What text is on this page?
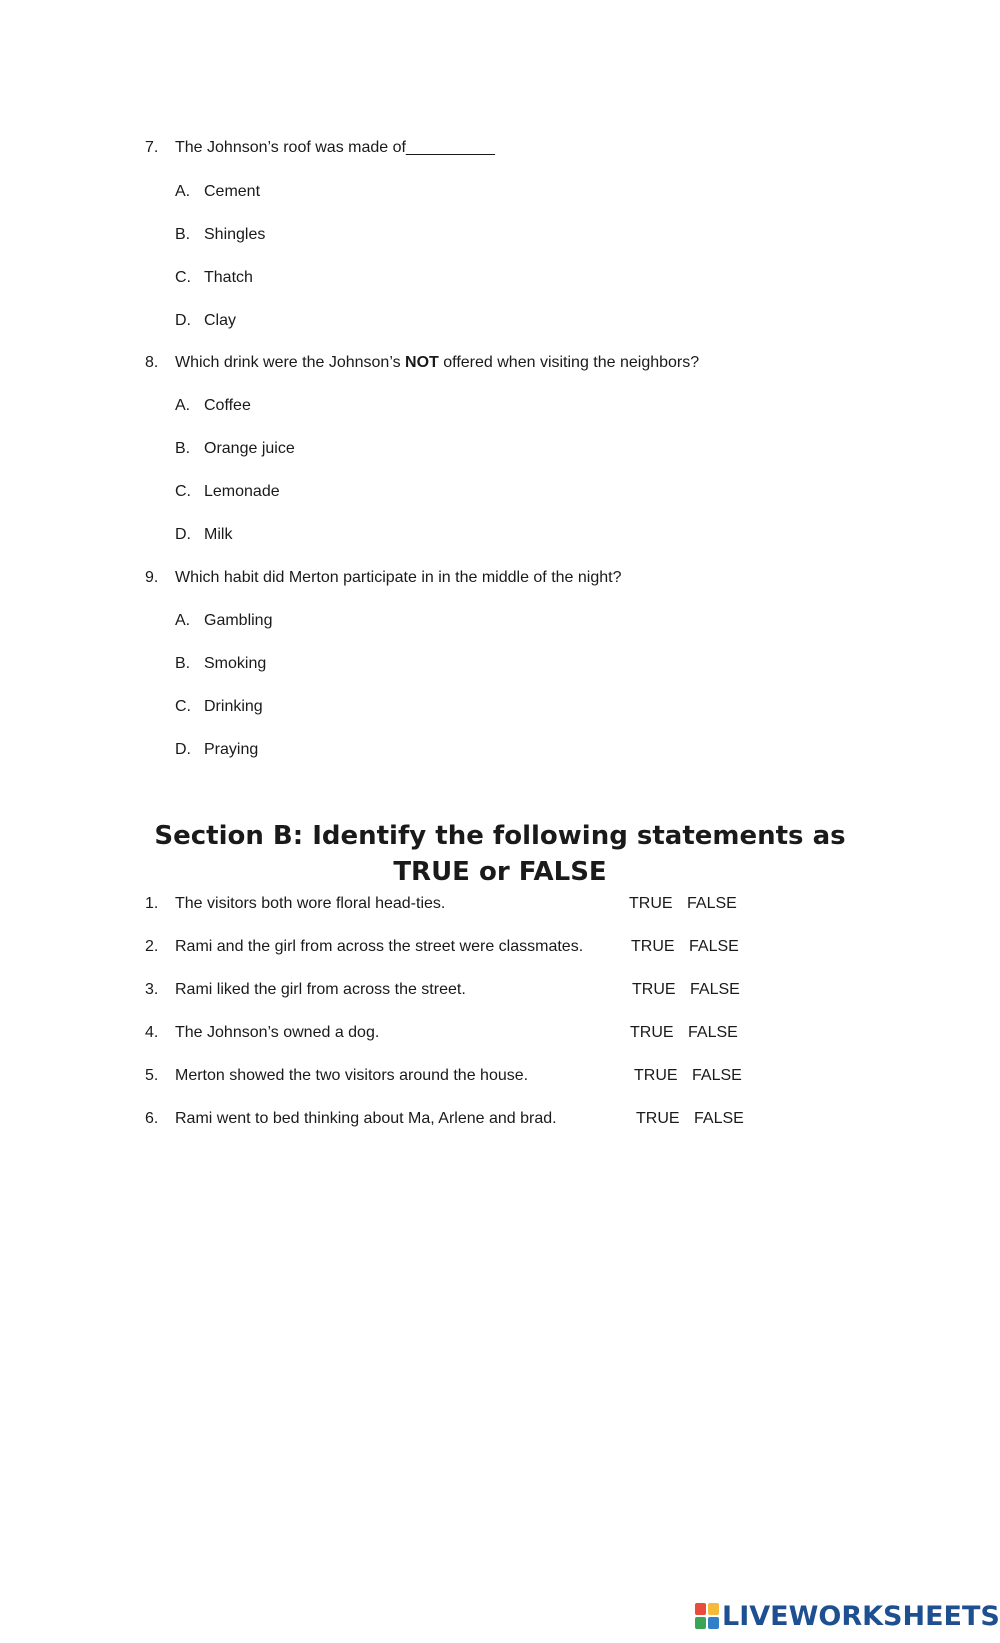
7. The Johnson’s roof was made of__________
A. Cement
B. Shingles
C. Thatch
D. Clay
8. Which drink were the Johnson’s NOT offered when visiting the neighbors?
A. Coffee
B. Orange juice
C. Lemonade
D. Milk
9. Which habit did Merton participate in in the middle of the night?
A. Gambling
B. Smoking
C. Drinking
D. Praying
Section B: Identify the following statements as TRUE or FALSE
1. The visitors both wore floral head-ties.	TRUE FALSE
2. Rami and the girl from across the street were classmates.	TRUE FALSE
3. Rami liked the girl from across the street.	TRUE FALSE
4. The Johnson’s owned a dog.	TRUE FALSE
5. Merton showed the two visitors around the house.	TRUE FALSE
6. Rami went to bed thinking about Ma, Arlene and brad.	TRUE FALSE
LIVEWORKSHEETS
